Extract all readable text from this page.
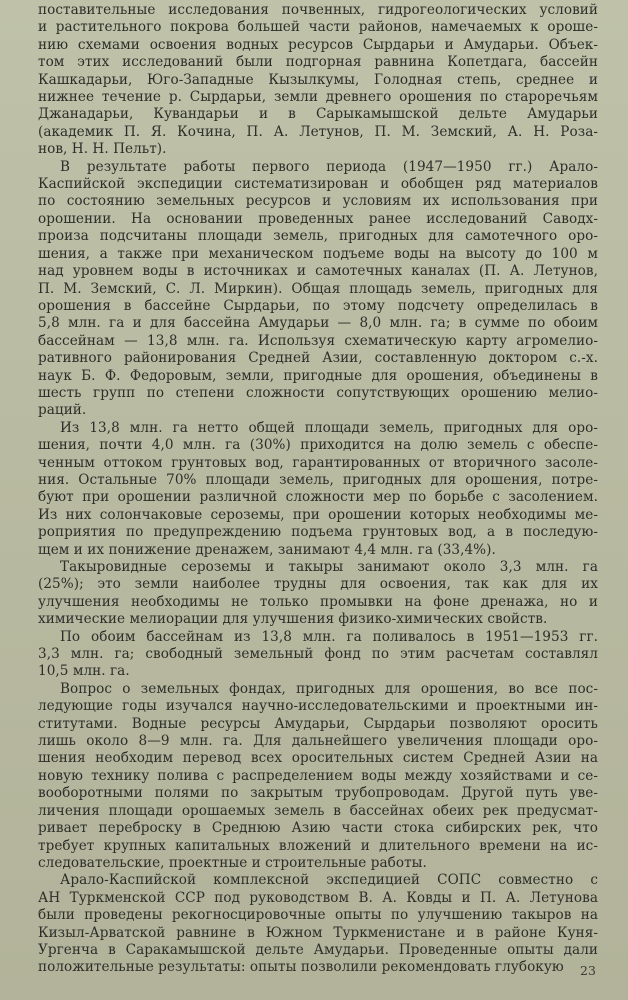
поставительные исследования почвенных, гидрогеологических условий
и растительного покрова большей части районов, намечаемых к ороше-
нию схемами освоения водных ресурсов Сырдарьи и Амударьи. Объек-
том этих исследований были подгорная равнина Копетдага, бассейн
Кашкадарьи, Юго-Западные Кызылкумы, Голодная степь, среднее и
нижнее течение р. Сырдарьи, земли древнего орошения по староречьям
Джанадарьи, Кувандарьи и в Сарыкамышской дельте Амударьи
(академик П. Я. Кочина, П. А. Летунов, П. М. Земский, А. Н. Роза-
нов, Н. Н. Пельт).

В результате работы первого периода (1947—1950 гг.) Арало-
Каспийской экспедиции систематизирован и обобщен ряд материалов
по состоянию земельных ресурсов и условиям их использования при
орошении. На основании проведенных ранее исследований Саводх-
произа подсчитаны площади земель, пригодных для самотечного оро-
шения, а также при механическом подъеме воды на высоту до 100 м
над уровнем воды в источниках и самотечных каналах (П. А. Летунов,
П. М. Земский, С. Л. Миркин). Общая площадь земель, пригодных для
орошения в бассейне Сырдарьи, по этому подсчету определилась в
5,8 млн. га и для бассейна Амударьи — 8,0 млн. га; в сумме по обоим
бассейнам — 13,8 млн. га. Используя схематическую карту агромелио-
ративного районирования Средней Азии, составленную доктором с.-х.
наук Б. Ф. Федоровым, земли, пригодные для орошения, объединены в
шесть групп по степени сложности сопутствующих орошению мелио-
раций.

Из 13,8 млн. га нетто общей площади земель, пригодных для оро-
шения, почти 4,0 млн. га (30%) приходится на долю земель с обеспе-
ченным оттоком грунтовых вод, гарантированных от вторичного засоле-
ния. Остальные 70% площади земель, пригодных для орошения, потре-
буют при орошении различной сложности мер по борьбе с засолением.
Из них солончаковые сероземы, при орошении которых необходимы ме-
роприятия по предупреждению подъема грунтовых вод, а в последую-
щем и их понижение дренажем, занимают 4,4 млн. га (33,4%).

Такыровидные сероземы и такыры занимают около 3,3 млн. га
(25%); это земли наиболее трудны для освоения, так как для их
улучшения необходимы не только промывки на фоне дренажа, но и
химические мелиорации для улучшения физико-химических свойств.

По обоим бассейнам из 13,8 млн. га поливалось в 1951—1953 гг.
3,3 млн. га; свободный земельный фонд по этим расчетам составлял
10,5 млн. га.

Вопрос о земельных фондах, пригодных для орошения, во все пос-
ледующие годы изучался научно-исследовательскими и проектными ин-
ститутами. Водные ресурсы Амударьи, Сырдарьи позволяют оросить
лишь около 8—9 млн. га. Для дальнейшего увеличения площади оро-
шения необходим перевод всех оросительных систем Средней Азии на
новую технику полива с распределением воды между хозяйствами и се-
вооборотными полями по закрытым трубопроводам. Другой путь уве-
личения площади орошаемых земель в бассейнах обеих рек предусмат-
ривает переброску в Среднюю Азию части стока сибирских рек, что
требует крупных капитальных вложений и длительного времени на ис-
следовательские, проектные и строительные работы.

Арало-Каспийской комплексной экспедицией СОПС совместно с
АН Туркменской ССР под руководством В. А. Ковды и П. А. Летунова
были проведены рекогносцировочные опыты по улучшению такыров на
Кизыл-Арватской равнине в Южном Туркменистане и в районе Куня-
Ургенча в Саракамышской дельте Амударьи. Проведенные опыты дали
положительные результаты: опыты позволили рекомендовать глубокую	23
